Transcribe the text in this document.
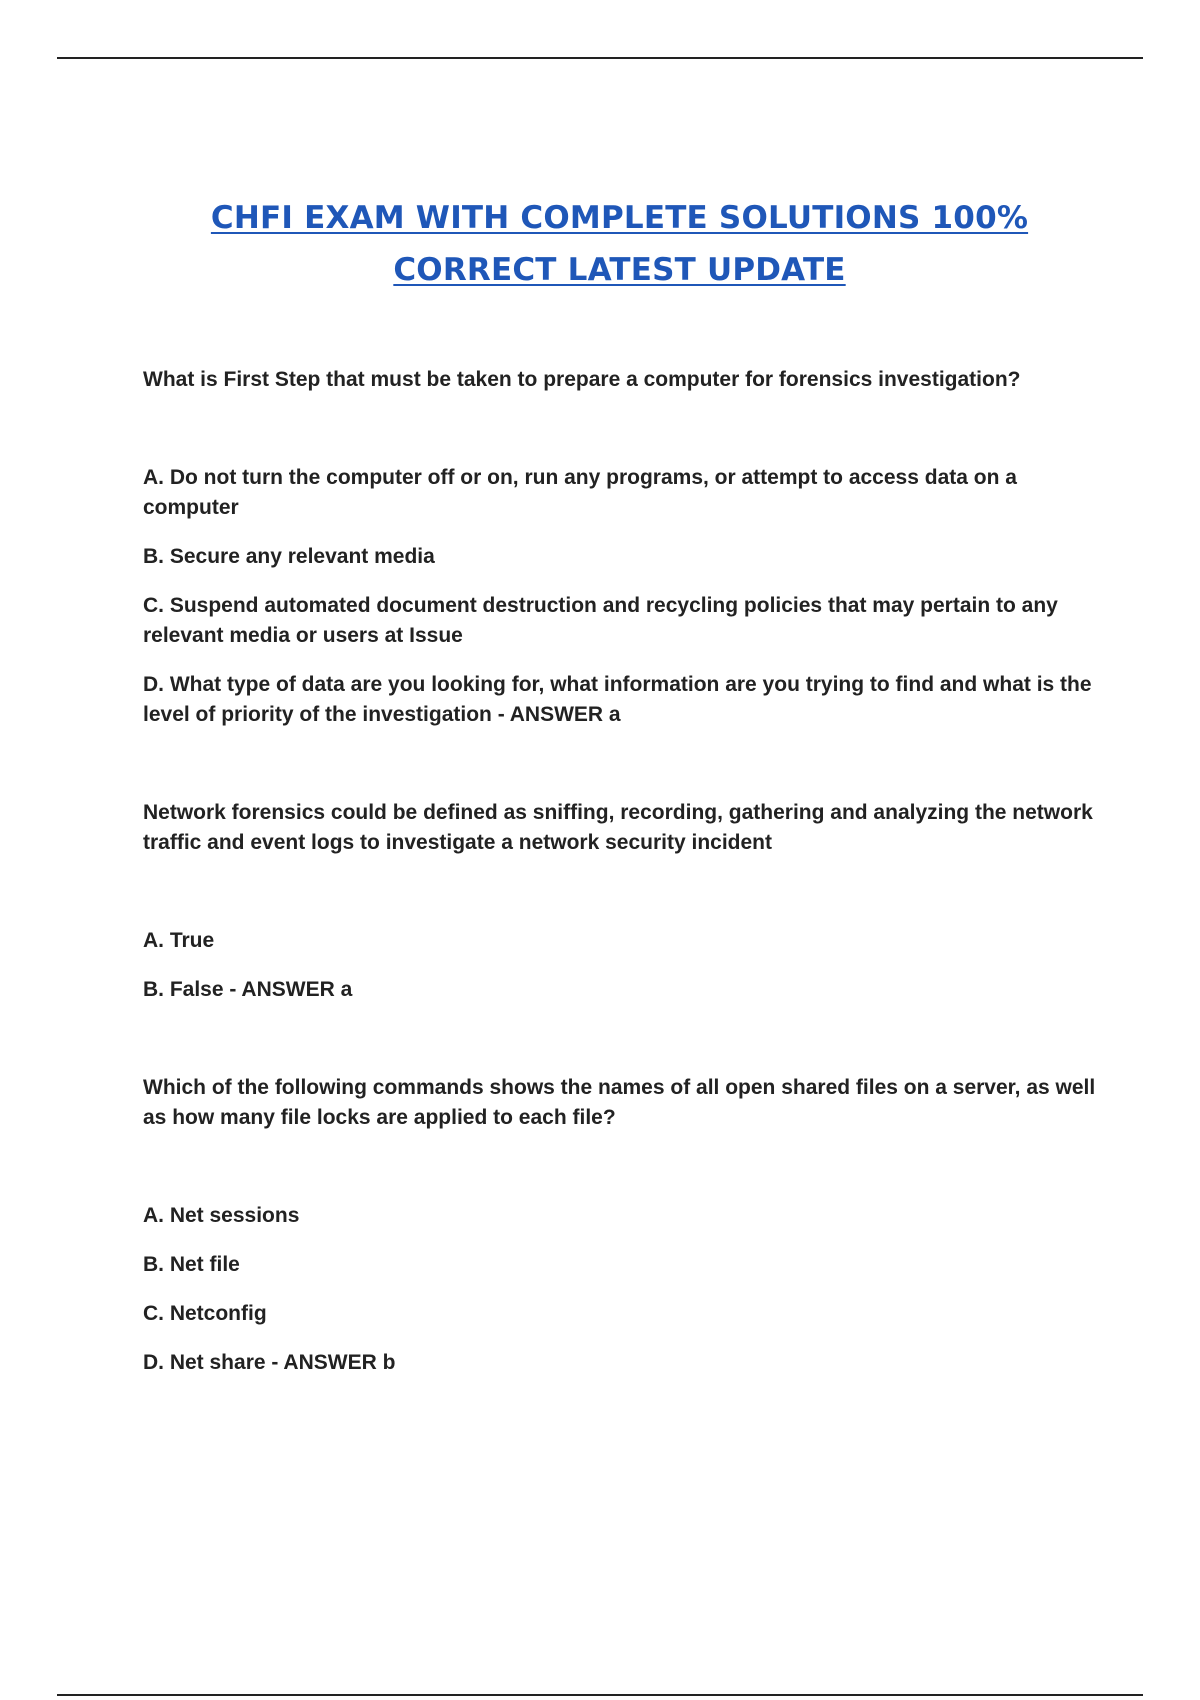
CHFI EXAM WITH COMPLETE SOLUTIONS 100%
CORRECT LATEST UPDATE

What is First Step that must be taken to prepare a computer for forensics investigation?

A. Do not turn the computer off or on, run any programs, or attempt to access data on a computer

B. Secure any relevant media

C. Suspend automated document destruction and recycling policies that may pertain to any relevant media or users at Issue

D. What type of data are you looking for, what information are you trying to find and what is the level of priority of the investigation - ANSWER a

Network forensics could be defined as sniffing, recording, gathering and analyzing the network traffic and event logs to investigate a network security incident

A. True

B. False - ANSWER a

Which of the following commands shows the names of all open shared files on a server, as well as how many file locks are applied to each file?

A. Net sessions

B. Net file

C. Netconfig

D. Net share - ANSWER b
